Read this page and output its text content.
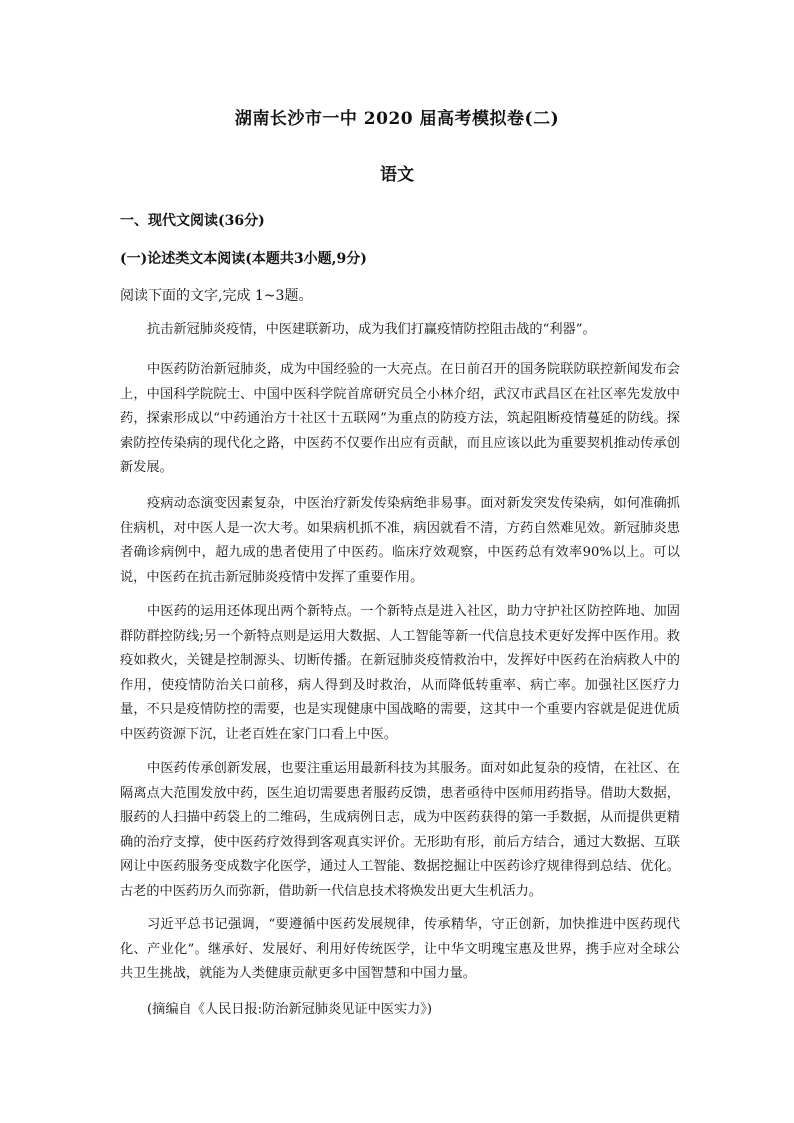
湖南长沙市一中 2020 届高考模拟卷(二)
语文
一、现代文阅读(36分)
(一)论述类文本阅读(本题共3小题,9分)
阅读下面的文字,完成 1~3题。

抗击新冠肺炎疫情，中医建联新功，成为我们打赢疫情防控阻击战的“利器”。

中医药防治新冠肺炎，成为中国经验的一大亮点。在日前召开的国务院联防联控新闻发布会上，中国科学院院士、中国中医科学院首席研究员仝小林介绍，武汉市武昌区在社区率先发放中药，探索形成以“中药通治方十社区十五联网”为重点的防疫方法，筑起阻断疫情蔓延的防线。探索防控传染病的现代化之路，中医药不仅要作出应有贡献，而且应该以此为重要契机推动传承创新发展。

疫病动态演变因素复杂，中医治疗新发传染病绝非易事。面对新发突发传染病，如何准确抓住病机，对中医人是一次大考。如果病机抓不准，病因就看不清，方药自然难见效。新冠肺炎患者确诊病例中，超九成的患者使用了中医药。临床疗效观察，中医药总有效率90%以上。可以说，中医药在抗击新冠肺炎疫情中发挥了重要作用。

中医药的运用还体现出两个新特点。一个新特点是进入社区，助力守护社区防控阵地、加固群防群控防线;另一个新特点则是运用大数据、人工智能等新一代信息技术更好发挥中医作用。救疫如救火，关键是控制源头、切断传播。在新冠肺炎疫情救治中，发挥好中医药在治病救人中的作用，使疫情防治关口前移，病人得到及时救治，从而降低转重率、病亡率。加强社区医疗力量，不只是疫情防控的需要，也是实现健康中国战略的需要，这其中一个重要内容就是促进优质中医药资源下沉，让老百姓在家门口看上中医。

中医药传承创新发展，也要注重运用最新科技为其服务。面对如此复杂的疫情，在社区、在隔离点大范围发放中药，医生迫切需要患者服药反馈，患者亟待中医师用药指导。借助大数据，服药的人扫描中药袋上的二维码，生成病例日志，成为中医药获得的第一手数据，从而提供更精确的治疗支撑，使中医药疗效得到客观真实评价。无形助有形，前后方结合，通过大数据、互联网让中医药服务变成数字化医学，通过人工智能、数据挖掘让中医药诊疗规律得到总结、优化。古老的中医药历久而弥新，借助新一代信息技术将焕发出更大生机活力。

习近平总书记强调，“要遵循中医药发展规律，传承精华，守正创新，加快推进中医药现代化、产业化”。继承好、发展好、利用好传统医学，让中华文明瑰宝惠及世界，携手应对全球公共卫生挑战，就能为人类健康贡献更多中国智慧和中国力量。

(摘编自《人民日报:防治新冠肺炎见证中医实力》)
